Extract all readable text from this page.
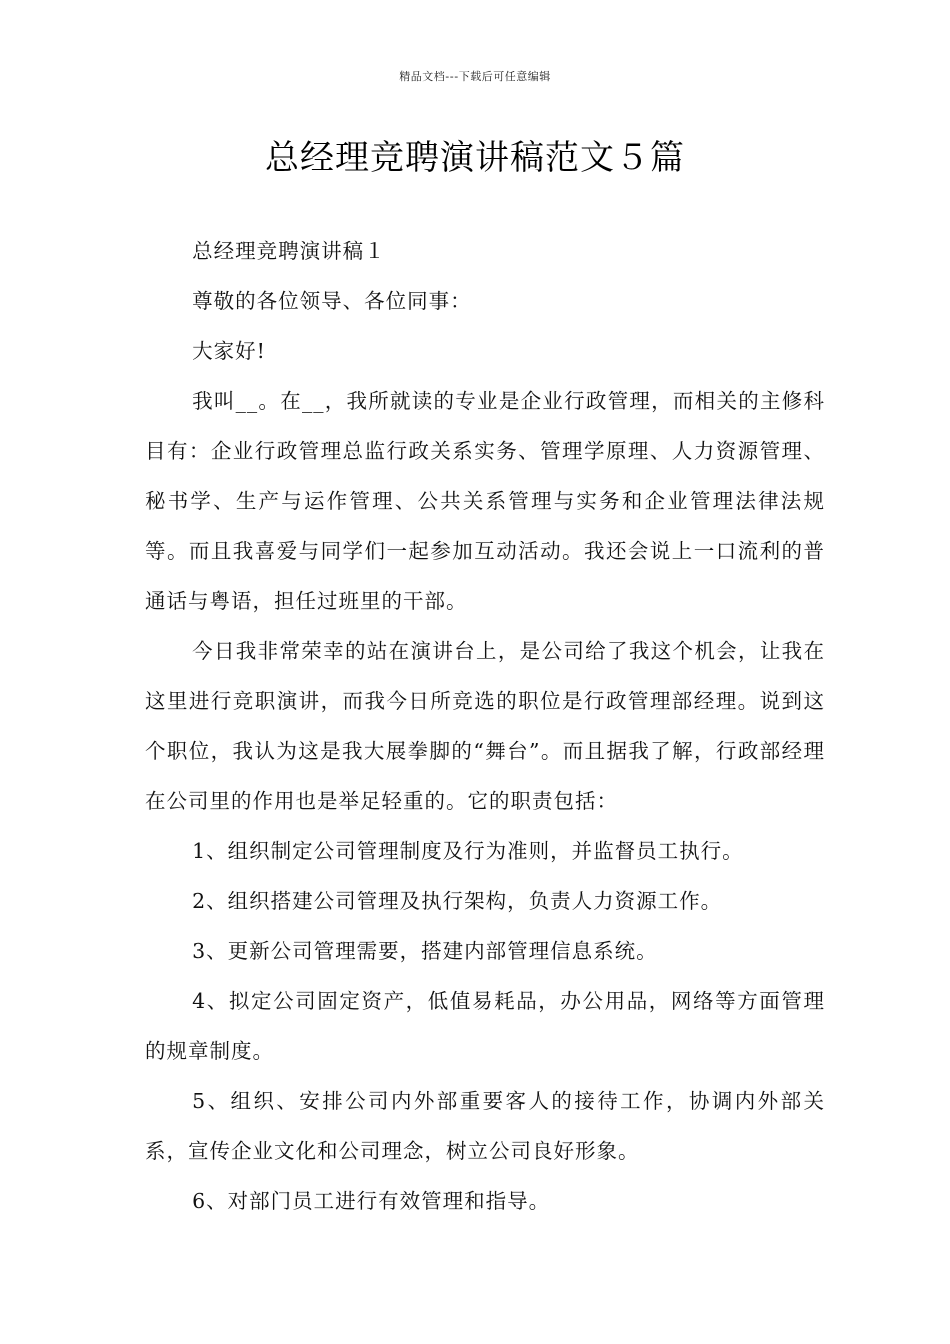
精品文档---下载后可任意编辑
总经理竞聘演讲稿范文５篇

总经理竞聘演讲稿１

尊敬的各位领导、各位同事：

大家好!

我叫__。在__，我所就读的专业是企业行政管理，而相关的主修科目有：企业行政管理总监行政关系实务、管理学原理、人力资源管理、秘书学、生产与运作管理、公共关系管理与实务和企业管理法律法规等。而且我喜爱与同学们一起参加互动活动。我还会说上一口流利的普通话与粤语，担任过班里的干部。

今日我非常荣幸的站在演讲台上，是公司给了我这个机会，让我在这里进行竞职演讲，而我今日所竞选的职位是行政管理部经理。说到这个职位，我认为这是我大展拳脚的“舞台”。而且据我了解，行政部经理在公司里的作用也是举足轻重的。它的职责包括：

1、组织制定公司管理制度及行为准则，并监督员工执行。

2、组织搭建公司管理及执行架构，负责人力资源工作。

3、更新公司管理需要，搭建内部管理信息系统。

4、拟定公司固定资产，低值易耗品，办公用品，网络等方面管理的规章制度。

5、组织、安排公司内外部重要客人的接待工作，协调内外部关系，宣传企业文化和公司理念，树立公司良好形象。

6、对部门员工进行有效管理和指导。
